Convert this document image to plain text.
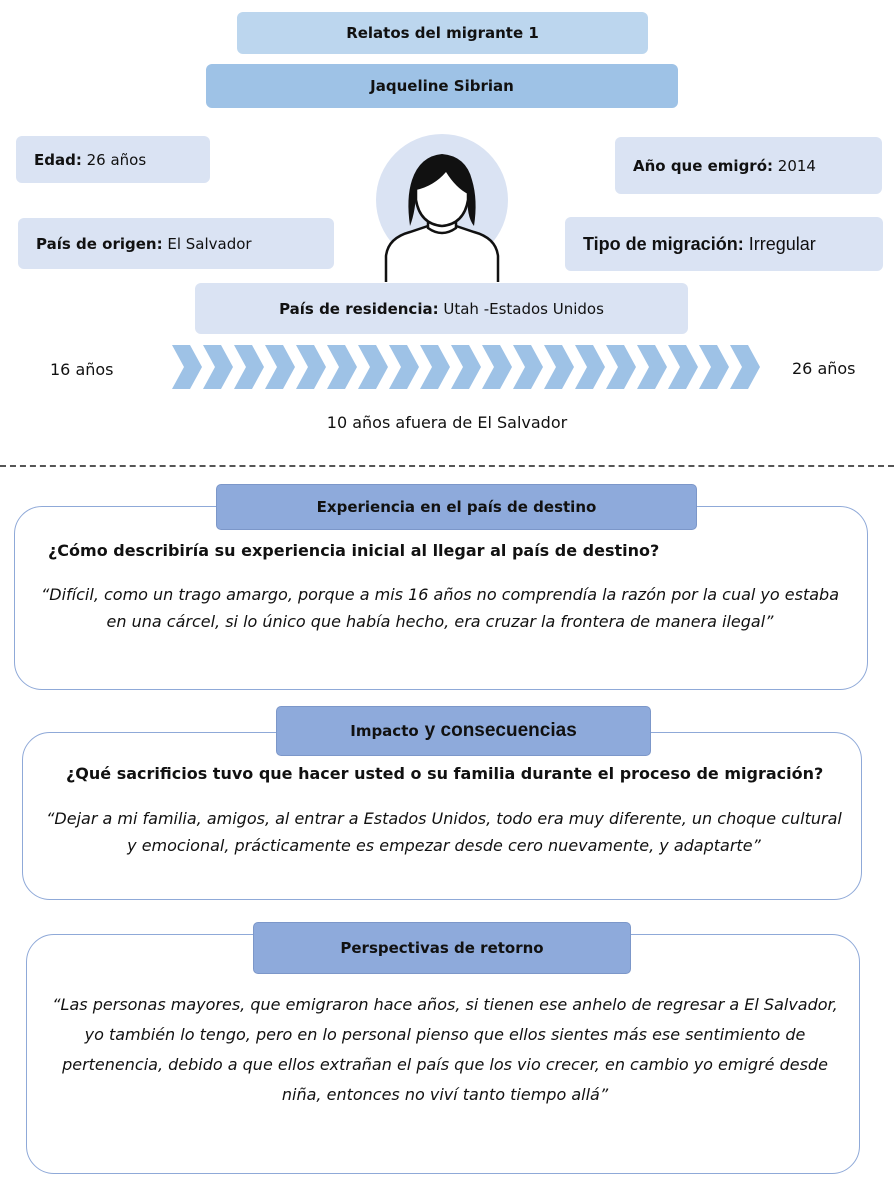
Relatos del migrante 1
Jaqueline Sibrian
Edad:
26 años
País de origen:
El Salvador
Año que emigró:
2014
Tipo de migración:
Irregular
País de residencia:
Utah -Estados Unidos
16 años	26 años
10 años afuera de El Salvador
Experiencia en el país de destino
¿Cómo describiría su experiencia inicial al llegar al país de destino?
“Difícil, como un trago amargo, porque a mis 16 años no comprendía la razón por la cual yo estaba en una cárcel, si lo único que había hecho, era cruzar la frontera de manera ilegal”
Impacto y consecuencias
¿Qué sacrificios tuvo que hacer usted o su familia durante el proceso de migración?
“Dejar a mi familia, amigos, al entrar a Estados Unidos, todo era muy diferente, un choque cultural y emocional, prácticamente es empezar desde cero nuevamente, y adaptarte”
Perspectivas de retorno
“Las personas mayores, que emigraron hace años, si tienen ese anhelo de regresar a El Salvador, yo también lo tengo, pero en lo personal pienso que ellos sientes más ese sentimiento de pertenencia, debido a que ellos extrañan el país que los vio crecer, en cambio yo emigré desde niña, entonces no viví tanto tiempo allá”
